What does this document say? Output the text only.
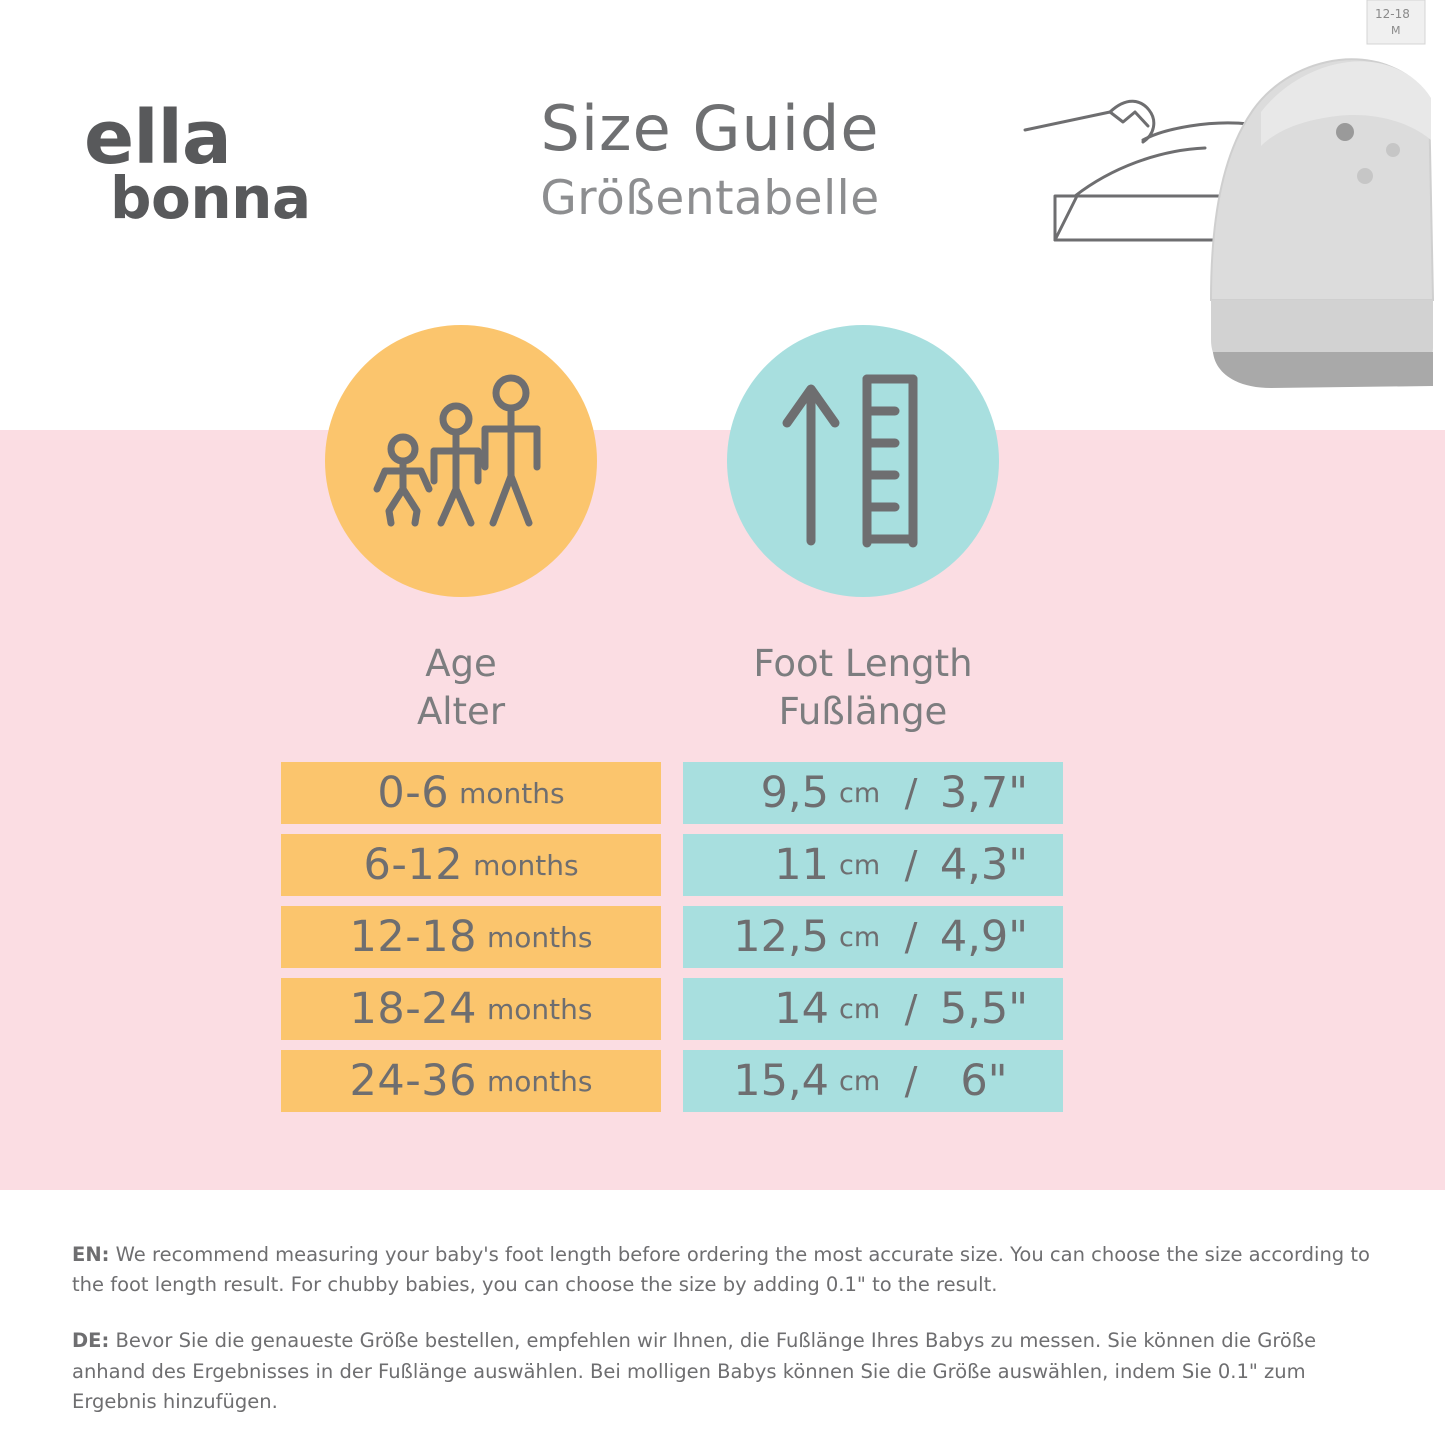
ella
bonna
Size Guide
Größentabelle
12-18
M
Age
Alter
Foot Length
Fußlänge
0-6 months
6-12 months
12-18 months
18-24 months
24-36 months
9,5 cm / 3,7"
11 cm / 4,3"
12,5 cm / 4,9"
14 cm / 5,5"
15,4 cm /	6"

EN: We recommend measuring your baby's foot length before ordering the most accurate size. You can choose the size according to the foot length result. For chubby babies, you can choose the size by adding 0.1" to the result.

DE: Bevor Sie die genaueste Größe bestellen, empfehlen wir Ihnen, die Fußlänge Ihres Babys zu messen. Sie können die Größe anhand des Ergebnisses in der Fußlänge auswählen. Bei molligen Babys können Sie die Größe auswählen, indem Sie 0.1" zum Ergebnis hinzufügen.
